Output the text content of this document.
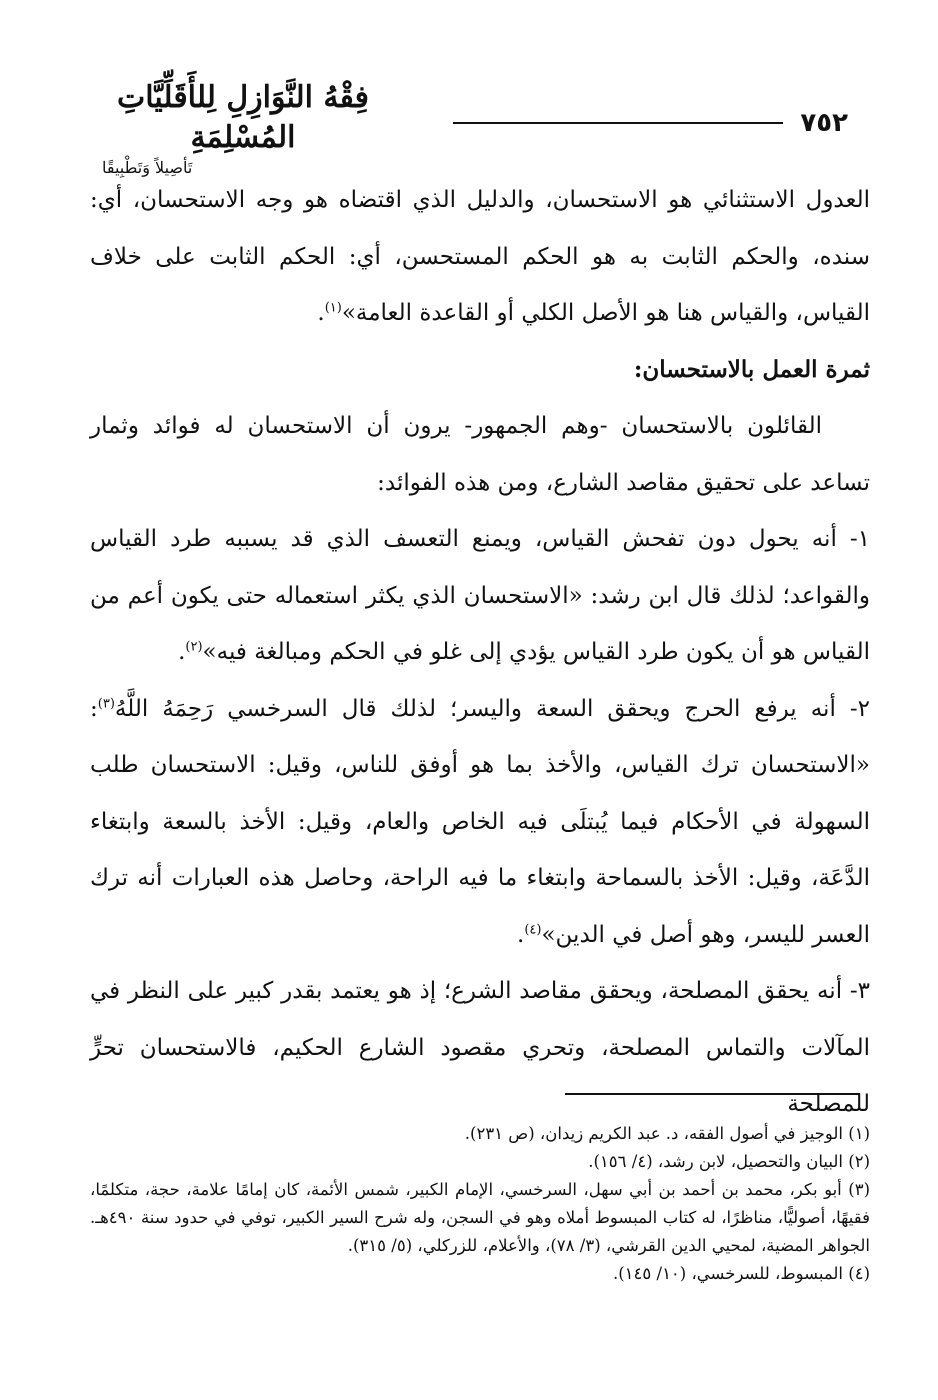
٧٥٢
فِقْهُ النَّوَازِلِ لِلأَقَلِّيَّاتِ المُسْلِمَةِ
تَأصِيلاً وَتَطْبِيقًا

العدول الاستثنائي هو الاستحسان، والدليل الذي اقتضاه هو وجه الاستحسان، أي: سنده، والحكم الثابت به هو الحكم المستحسن، أي: الحكم الثابت على خلاف القياس، والقياس هنا هو الأصل الكلي أو القاعدة العامة»$^{(١)}$.

ثمرة العمل بالاستحسان:

القائلون بالاستحسان -وهم الجمهور- يرون أن الاستحسان له فوائد وثمار تساعد على تحقيق مقاصد الشارع، ومن هذه الفوائد:

١- أنه يحول دون تفحش القياس، ويمنع التعسف الذي قد يسببه طرد القياس والقواعد؛ لذلك قال ابن رشد: «الاستحسان الذي يكثر استعماله حتى يكون أعم من القياس هو أن يكون طرد القياس يؤدي إلى غلو في الحكم ومبالغة فيه»$^{(٢)}$.

٢- أنه يرفع الحرج ويحقق السعة واليسر؛ لذلك قال السرخسي رَحِمَهُ اللَّهُ$^{(٣)}$: «الاستحسان ترك القياس، والأخذ بما هو أوفق للناس، وقيل: الاستحسان طلب السهولة في الأحكام فيما يُبتلَى فيه الخاص والعام، وقيل: الأخذ بالسعة وابتغاء الدَّعَة، وقيل: الأخذ بالسماحة وابتغاء ما فيه الراحة، وحاصل هذه العبارات أنه ترك العسر لليسر، وهو أصل في الدين»$^{(٤)}$.

٣- أنه يحقق المصلحة، ويحقق مقاصد الشرع؛ إذ هو يعتمد بقدر كبير على النظر في المآلات والتماس المصلحة، وتحري مقصود الشارع الحكيم، فالاستحسان تحرٍّ للمصلحة

(١) الوجيز في أصول الفقه، د. عبد الكريم زيدان، (ص ٢٣١).

(٢) البيان والتحصيل، لابن رشد، (٤/ ١٥٦).

(٣) أبو بكر، محمد بن أحمد بن أبي سهل، السرخسي، الإمام الكبير، شمس الأئمة، كان إمامًا علامة، حجة، متكلمًا، فقيهًا، أصوليًّا، مناظرًا، له كتاب المبسوط أملاه وهو في السجن، وله شرح السير الكبير، توفي في حدود سنة ٤٩٠هـ. الجواهر المضية، لمحيي الدين القرشي، (٣/ ٧٨)، والأعلام، للزركلي، (٥/ ٣١٥).

(٤) المبسوط، للسرخسي، (١٠/ ١٤٥).
